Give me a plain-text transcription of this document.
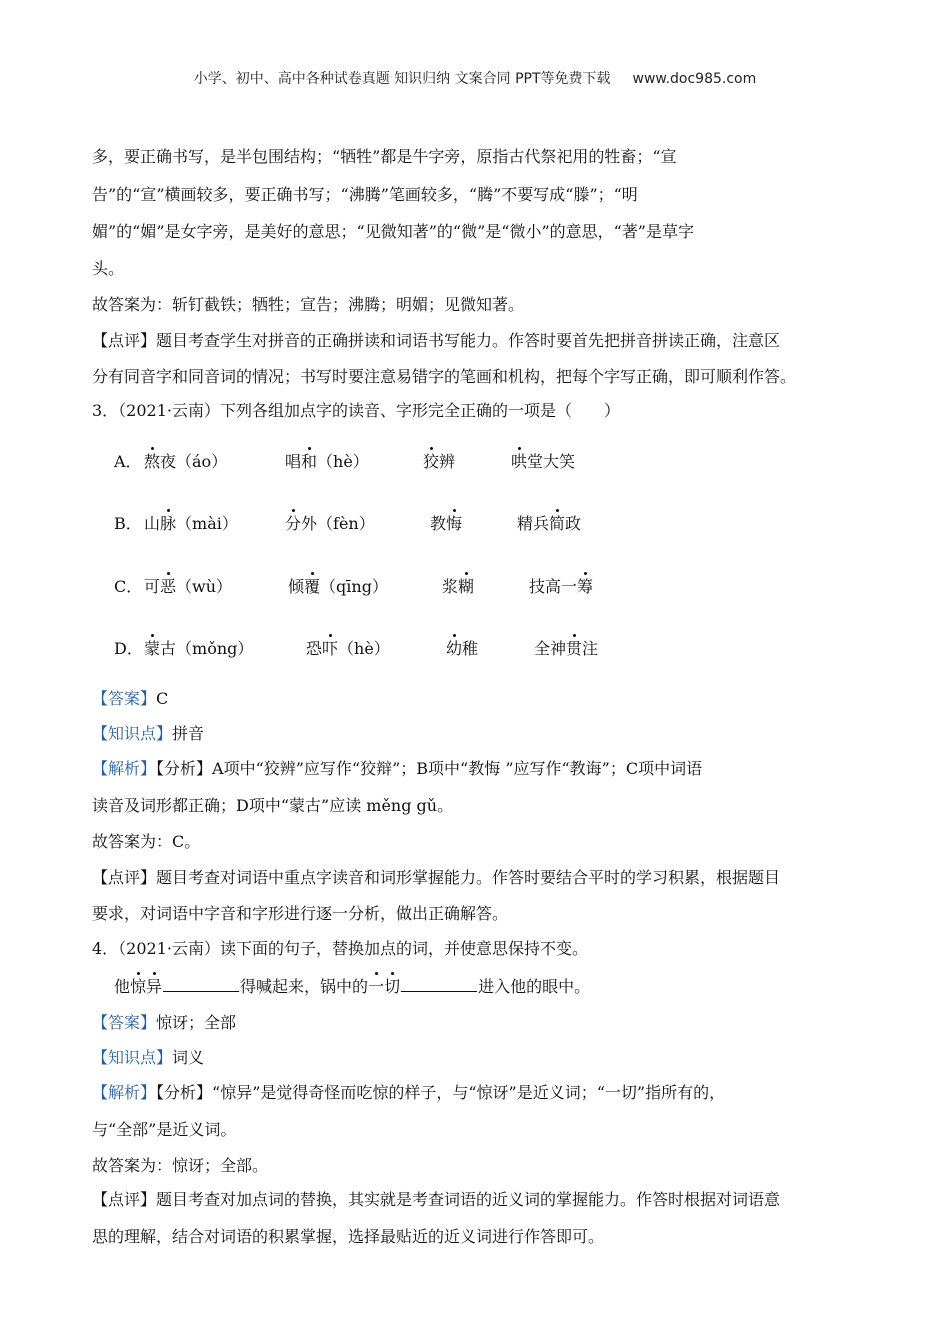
小学、初中、高中各种试卷真题 知识归纳 文案合同 PPT等免费下载 www.doc985.com
多，要正确书写，是半包围结构；“牺牲”都是牛字旁，原指古代祭祀用的牲畜；“宣
告”的“宣”横画较多，要正确书写；“沸腾”笔画较多，“腾”不要写成“滕”；“明
媚”的“媚”是女字旁，是美好的意思；“见微知著”的“微”是“微小”的意思，“著”是草字
头。
故答案为：斩钉截铁；牺牲；宣告；沸腾；明媚；见微知著。
【点评】题目考查学生对拼音的正确拼读和词语书写能力。作答时要首先把拼音拼读正确，注意区
分有同音字和同音词的情况；书写时要注意易错字的笔画和机构，把每个字写正确，即可顺利作答。
3．（2021·云南）下列各组加点字的读音、字形完全正确的一项是（　　）
A． 熬夜（áo）	唱和（hè）	狡辨	哄堂大笑
B． 山脉（mài）	分外（fèn）	教悔	精兵简政
C． 可恶（wù）	倾覆（qīng）	浆糊	技高一筹
D． 蒙古（mǒng）	恐吓（hè）	幼稚	全神贯注
【答案】C
【知识点】拼音
【解析】【分析】A项中“狡辨”应写作“狡辩”；B项中“教悔 ”应写作“教诲”；C项中词语
读音及词形都正确；D项中“蒙古”应读 měng gǔ。
故答案为：C。
【点评】题目考查对词语中重点字读音和词形掌握能力。作答时要结合平时的学习积累，根据题目
要求，对词语中字音和字形进行逐一分析，做出正确解答。
4．（2021·云南）读下面的句子，替换加点的词，并使意思保持不变。
他惊异	得喊起来，锅中的一切	进入他的眼中。
【答案】惊讶；全部
【知识点】词义
【解析】【分析】“惊异”是觉得奇怪而吃惊的样子，与“惊讶”是近义词；“一切”指所有的，
与“全部”是近义词。
故答案为：惊讶；全部。
【点评】题目考查对加点词的替换，其实就是考查词语的近义词的掌握能力。作答时根据对词语意
思的理解，结合对词语的积累掌握，选择最贴近的近义词进行作答即可。
